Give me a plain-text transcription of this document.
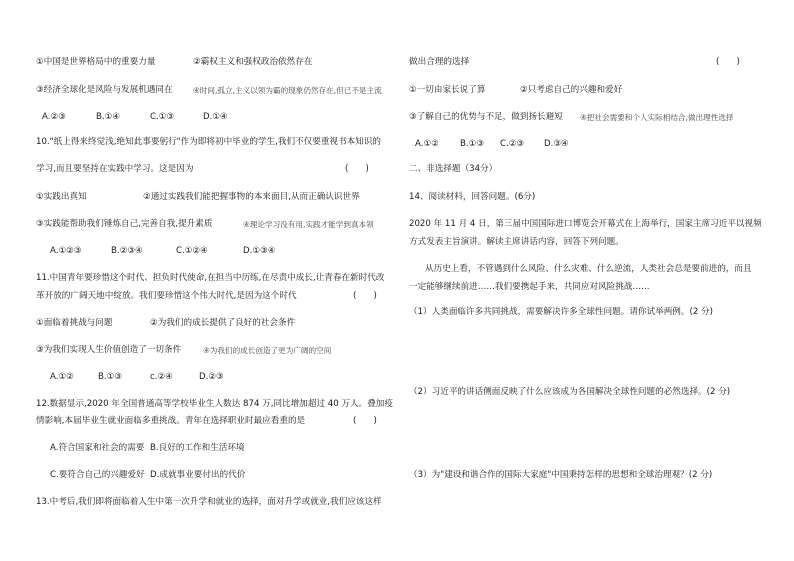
①中国是世界格局中的重要力量	②霸权主义和强权政治依然存在
③经济全球化是风险与发展机遇同在	④时间,孤立,主义以领为霸的现象仍然存在,但已不是主流
A.②③	B.①④	C.①③	D.①④
10."纸上得来终觉浅,绝知此事要躬行"作为即将初中毕业的学生,我们不仅要重视书本知识的
学习,而且要坚持在实践中学习。这是因为	(　　)
①实践出真知	②通过实践我们能把握事物的本来面目,从而正确认识世界
③实践能帮助我们锤炼自己,完善自我,提升素质	④理论学习没有用,实践才能学到真本领
A.①②③	B.②③④	C.①②④	D.①③④
11.中国青年要珍惜这个时代、担负时代使命,在担当中历练,在尽责中成长,让青春在新时代改
革开放的广阔天地中绽放。我们要珍惜这个伟大时代,是因为这个时代	(　　)
①面临着挑战与问题	②为我们的成长提供了良好的社会条件
③为我们实现人生价值创造了一切条件	④为我们的成长创造了更为广阔的空间
A.①②	B.①③	c.②④	D.②③
12.数据显示,2020 年全国普通高等学校毕业生人数达 874 万,同比增加超过 40 万人。叠加疫
情影响,本届毕业生就业面临多重挑战。青年在选择职业时最应看重的是	(　　)
A.符合国家和社会的需要 B.良好的工作和生活环境
C.要符合自己的兴趣爱好 D.成就事业要付出的代价
13.中考后,我们即将面临着人生中第一次升学和就业的选择，面对升学或就业,我们应该这样
做出合理的选择	(　　)
①一切由家长说了算	②只考虑自己的兴趣和爱好
③了解自己的优势与不足，做到扬长避短 ④把社会需要和个人实际相结合,做出理性选择
A.①② B.①③ C.②③ D.③④
二、非选择题（34分）
14、阅读材料，回答问题。(6分)
2020 年 11 月 4 日，第三届中国国际进口博览会开幕式在上海举行，国家主席习近平以视频
方式发表主旨演讲。解读主席讲话内容，回答下列问题。
从历史上看，不管遇到什么风险、什么灾难、什么逆流，人类社会总是要前进的，而且
一定能够继续前进……我们要携起手来，共同应对风险挑战……
（1）人类面临许多共同挑战，需要解决许多全球性问题。请你试举两例。(2 分)
（2）习近平的讲话侧面反映了什么应该成为各国解决全球性问题的必然选择。(2 分)
（3）为"建设和谐合作的国际大家庭"中国秉持怎样的思想和全球治理观？(2 分)
